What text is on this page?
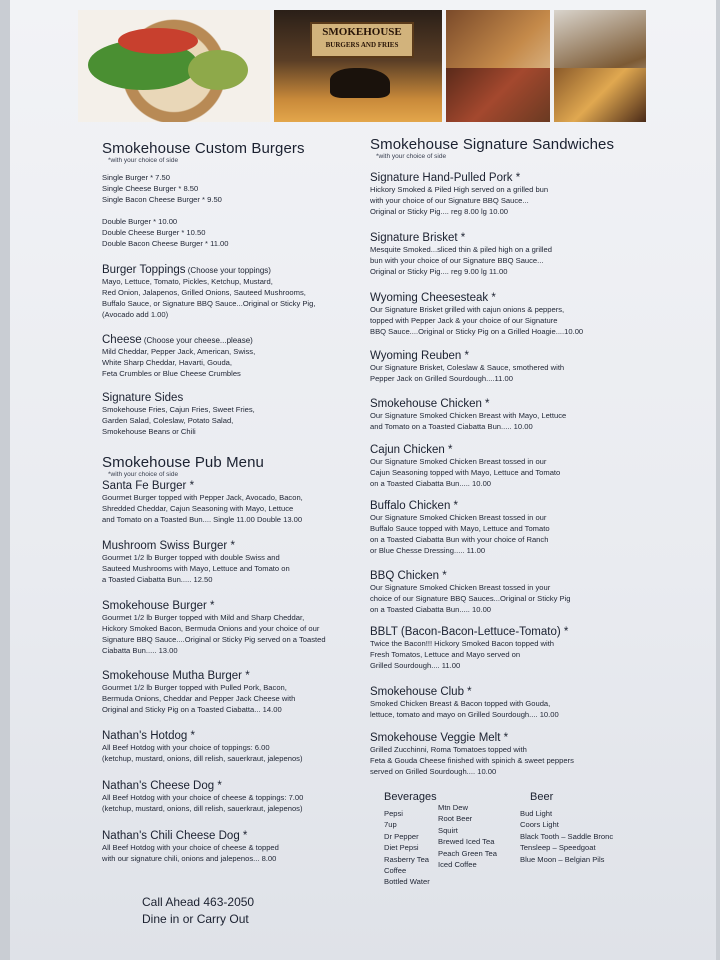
SMOKEHOUSE
BURGERS AND FRIES
Smokehouse Custom Burgers
*with your choice of side
Single Burger * 7.50
Single Cheese Burger * 8.50
Single Bacon Cheese Burger * 9.50
Double Burger * 10.00
Double Cheese Burger * 10.50
Double Bacon Cheese Burger * 11.00
Burger Toppings (Choose your toppings)
Mayo, Lettuce, Tomato, Pickles, Ketchup, Mustard,
Red Onion, Jalapenos, Grilled Onions, Sauteed Mushrooms,
Buffalo Sauce, or Signature BBQ Sauce...Original or Sticky Pig,
(Avocado add 1.00)
Cheese (Choose your cheese...please)
Mild Cheddar, Pepper Jack, American, Swiss,
White Sharp Cheddar, Havarti, Gouda,
Feta Crumbles or Blue Cheese Crumbles
Signature Sides
Smokehouse Fries, Cajun Fries, Sweet Fries,
Garden Salad, Coleslaw, Potato Salad,
Smokehouse Beans or Chili
Smokehouse Pub Menu
*with your choice of side
Santa Fe Burger *
Gourmet Burger topped with Pepper Jack, Avocado, Bacon,
Shredded Cheddar, Cajun Seasoning with Mayo, Lettuce
and Tomato on a Toasted Bun.... Single 11.00 Double 13.00
Mushroom Swiss Burger *
Gourmet 1/2 lb Burger topped with double Swiss and
Sauteed Mushrooms with Mayo, Lettuce and Tomato on
a Toasted Ciabatta Bun..... 12.50
Smokehouse Burger *
Gourmet 1/2 lb Burger topped with Mild and Sharp Cheddar,
Hickory Smoked Bacon, Bermuda Onions and your choice of our
Signature BBQ Sauce....Original or Sticky Pig served on a Toasted
Ciabatta Bun..... 13.00
Smokehouse Mutha Burger *
Gourmet 1/2 lb Burger topped with Pulled Pork, Bacon,
Bermuda Onions, Cheddar and Pepper Jack Cheese with
Original and Sticky Pig on a Toasted Ciabatta... 14.00
Nathan's Hotdog *
All Beef Hotdog with your choice of toppings: 6.00
(ketchup, mustard, onions, dill relish, sauerkraut, jalepenos)
Nathan's Cheese Dog *
All Beef Hotdog with your choice of cheese & toppings: 7.00
(ketchup, mustard, onions, dill relish, sauerkraut, jalepenos)
Nathan's Chili Cheese Dog *
All Beef Hotdog with your choice of cheese & topped
with our signature chili, onions and jalepenos... 8.00
Call Ahead 463-2050
Dine in or Carry Out
Smokehouse Signature Sandwiches
*with your choice of side
Signature Hand-Pulled Pork *
Hickory Smoked & Piled High served on a grilled bun
with your choice of our Signature BBQ Sauce...
Original or Sticky Pig.... reg 8.00 lg 10.00
Signature Brisket *
Mesquite Smoked...sliced thin & piled high on a grilled
bun with your choice of our Signature BBQ Sauce...
Original or Sticky Pig.... reg 9.00 lg 11.00
Wyoming Cheesesteak *
Our Signature Brisket grilled with cajun onions & peppers,
topped with Pepper Jack & your choice of our Signature
BBQ Sauce....Original or Sticky Pig on a Grilled Hoagie....10.00
Wyoming Reuben *
Our Signature Brisket, Coleslaw & Sauce, smothered with
Pepper Jack on Grilled Sourdough....11.00
Smokehouse Chicken *
Our Signature Smoked Chicken Breast with Mayo, Lettuce
and Tomato on a Toasted Ciabatta Bun..... 10.00
Cajun Chicken *
Our Signature Smoked Chicken Breast tossed in our
Cajun Seasoning topped with Mayo, Lettuce and Tomato
on a Toasted Ciabatta Bun..... 10.00
Buffalo Chicken *
Our Signature Smoked Chicken Breast tossed in our
Buffalo Sauce topped with Mayo, Lettuce and Tomato
on a Toasted Ciabatta Bun with your choice of Ranch
or Blue Chesse Dressing..... 11.00
BBQ Chicken *
Our Signature Smoked Chicken Breast tossed in your
choice of our Signature BBQ Sauces...Original or Sticky Pig
on a Toasted Ciabatta Bun..... 10.00
BBLT (Bacon-Bacon-Lettuce-Tomato) *
Twice the Bacon!!! Hickory Smoked Bacon topped with
Fresh Tomatos, Lettuce and Mayo served on
Grilled Sourdough.... 11.00
Smokehouse Club *
Smoked Chicken Breast & Bacon topped with Gouda,
lettuce, tomato and mayo on Grilled Sourdough.... 10.00
Smokehouse Veggie Melt *
Grilled Zucchinni, Roma Tomatoes topped with
Feta & Gouda Cheese finished with spinich & sweet peppers
served on Grilled Sourdough.... 10.00
Beverages
Pepsi
7up
Dr Pepper
Diet Pepsi
Rasberry Tea
Coffee
Bottled Water
Mtn Dew
Root Beer
Squirt
Brewed Iced Tea
Peach Green Tea
Iced Coffee
Beer
Bud Light
Coors Light
Black Tooth – Saddle Bronc
Tensleep – Speedgoat
Blue Moon – Belgian Pils
